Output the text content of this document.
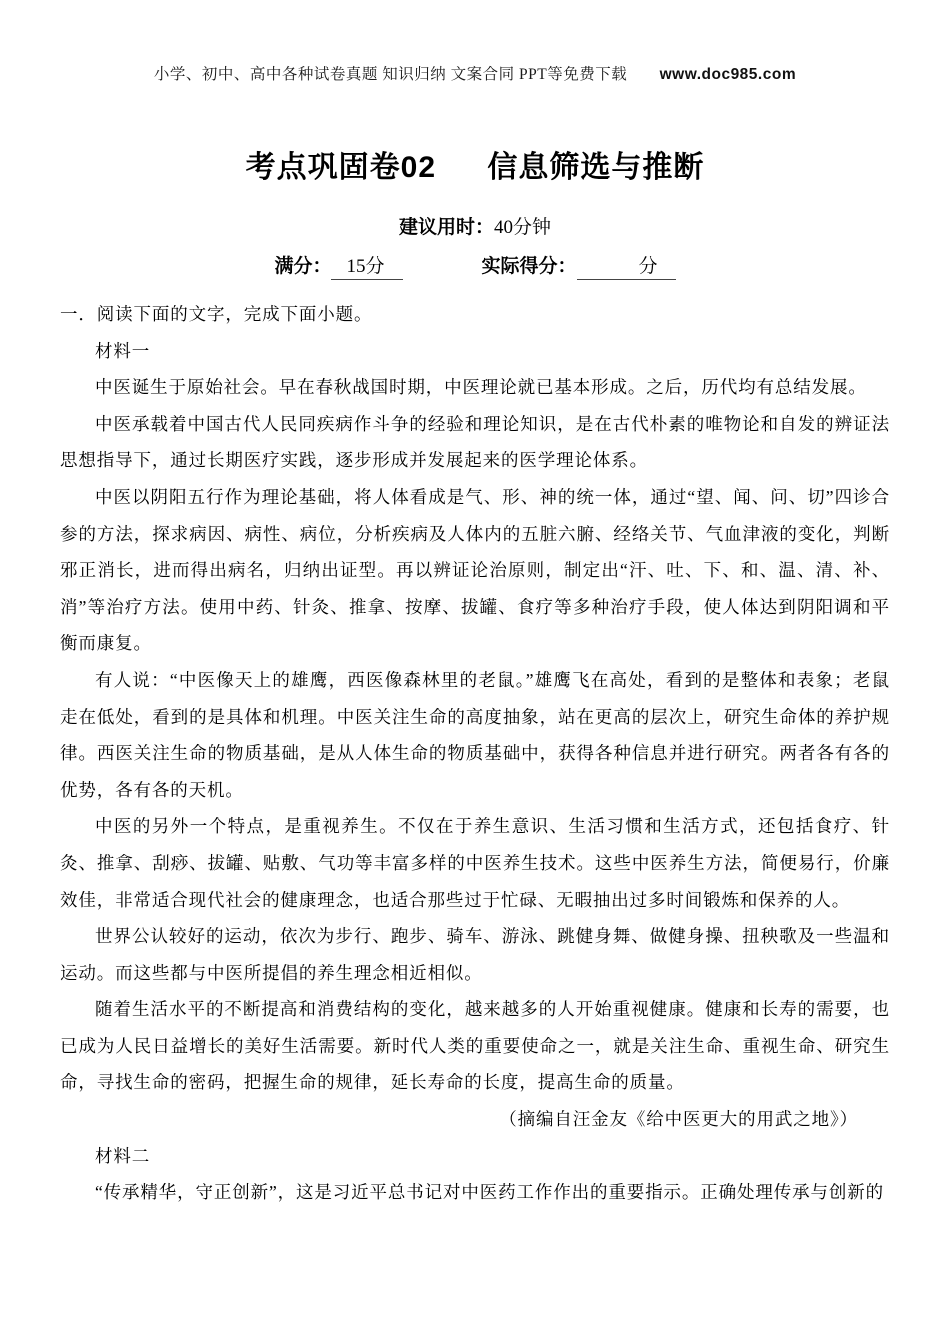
小学、初中、高中各种试卷真题 知识归纳 文案合同 PPT等免费下载 www.doc985.com
考点巩固卷02 信息筛选与推断
建议用时：40分钟
满分： 15分	实际得分：	分

一．阅读下面的文字，完成下面小题。

材料一

中医诞生于原始社会。早在春秋战国时期，中医理论就已基本形成。之后，历代均有总结发展。

中医承载着中国古代人民同疾病作斗争的经验和理论知识，是在古代朴素的唯物论和自发的辨证法思想指导下，通过长期医疗实践，逐步形成并发展起来的医学理论体系。

中医以阴阳五行作为理论基础，将人体看成是气、形、神的统一体，通过“望、闻、问、切”四诊合参的方法，探求病因、病性、病位，分析疾病及人体内的五脏六腑、经络关节、气血津液的变化，判断邪正消长，进而得出病名，归纳出证型。再以辨证论治原则，制定出“汗、吐、下、和、温、清、补、消”等治疗方法。使用中药、针灸、推拿、按摩、拔罐、食疗等多种治疗手段，使人体达到阴阳调和平衡而康复。

有人说：“中医像天上的雄鹰，西医像森林里的老鼠。”雄鹰飞在高处，看到的是整体和表象；老鼠走在低处，看到的是具体和机理。中医关注生命的高度抽象，站在更高的层次上，研究生命体的养护规律。西医关注生命的物质基础，是从人体生命的物质基础中，获得各种信息并进行研究。两者各有各的优势，各有各的天机。

中医的另外一个特点，是重视养生。不仅在于养生意识、生活习惯和生活方式，还包括食疗、针灸、推拿、刮痧、拔罐、贴敷、气功等丰富多样的中医养生技术。这些中医养生方法，简便易行，价廉效佳，非常适合现代社会的健康理念，也适合那些过于忙碌、无暇抽出过多时间锻炼和保养的人。

世界公认较好的运动，依次为步行、跑步、骑车、游泳、跳健身舞、做健身操、扭秧歌及一些温和运动。而这些都与中医所提倡的养生理念相近相似。

随着生活水平的不断提高和消费结构的变化，越来越多的人开始重视健康。健康和长寿的需要，也已成为人民日益增长的美好生活需要。新时代人类的重要使命之一，就是关注生命、重视生命、研究生命，寻找生命的密码，把握生命的规律，延长寿命的长度，提高生命的质量。

（摘编自汪金友《给中医更大的用武之地》）

材料二

“传承精华，守正创新”，这是习近平总书记对中医药工作作出的重要指示。正确处理传承与创新的
